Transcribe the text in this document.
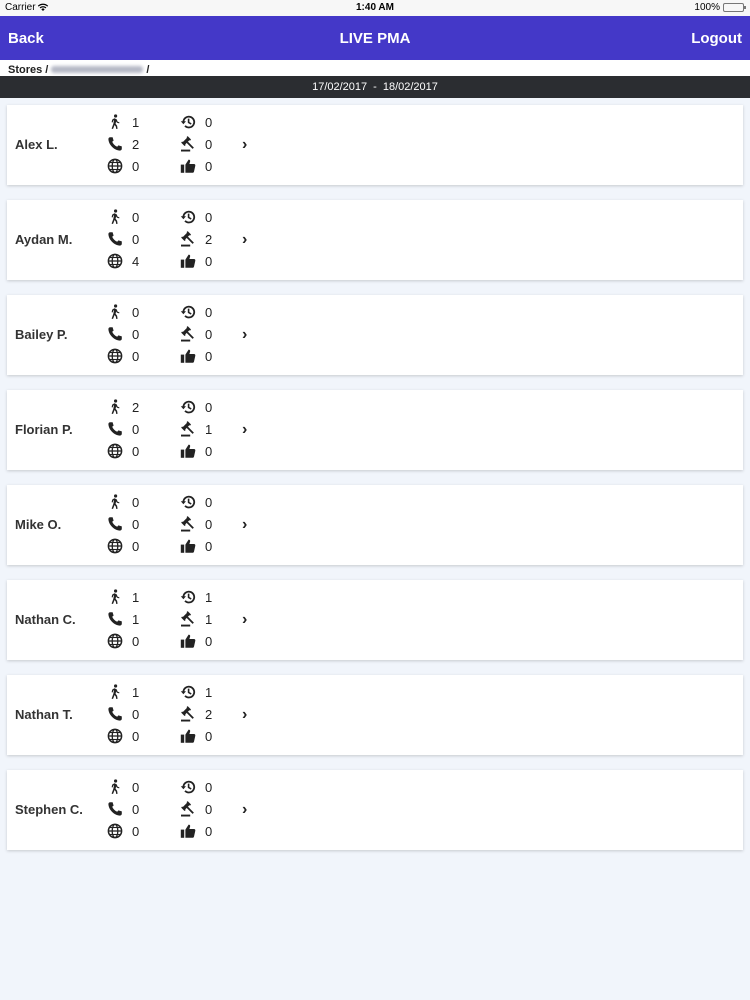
Carrier	1:40 AM	100%
Back	LIVE PMA	Logout
Stores /	/
17/02/2017 - 18/02/2017
Alex L.
1
2
0
0
0
0
›
Aydan M.
0
0
4
0
2
0
›
Bailey P.
0
0
0
0
0
0
›
Florian P.
2
0
0
0
1
0
›
Mike O.
0
0
0
0
0
0
›
Nathan C.
1
1
0
1
1
0
›
Nathan T.
1
0
0
1
2
0
›
Stephen C.
0
0
0
0
0
0
›
